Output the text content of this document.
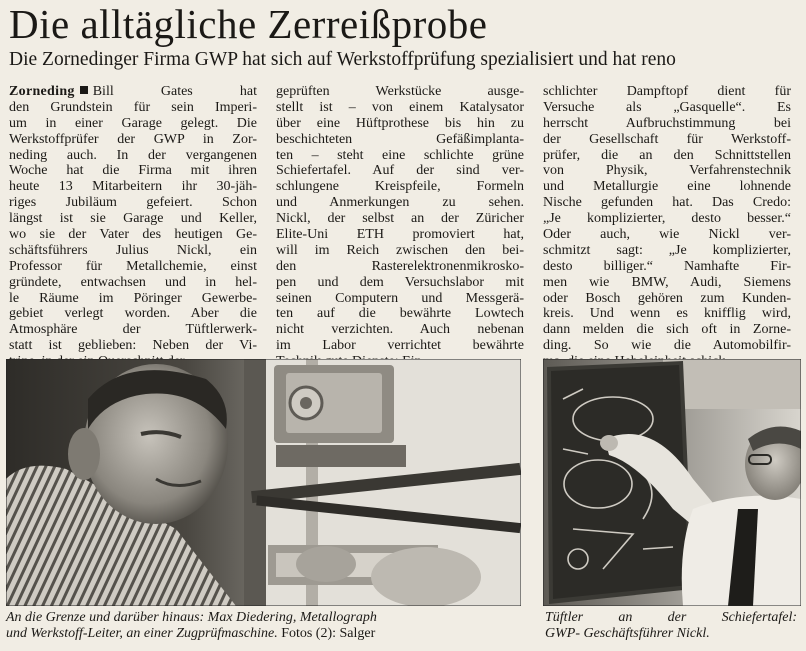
Die alltägliche Zerreißprobe

Die Zornedinger Firma GWP hat sich auf Werkstoffprüfung spezialisiert und hat reno

Zorneding Bill Gates hat
den Grundstein für sein Imperi-
um in einer Garage gelegt. Die
Werkstoffprüfer der GWP in Zor-
neding auch. In der vergangenen
Woche hat die Firma mit ihren
heute 13 Mitarbeitern ihr 30-jäh-
riges Jubiläum gefeiert. Schon
längst ist sie Garage und Keller,
wo sie der Vater des heutigen Ge-
schäftsführers Julius Nickl, ein
Professor für Metallchemie, einst
gründete, entwachsen und in hel-
le Räume im Pöringer Gewerbe-
gebiet verlegt worden. Aber die
Atmosphäre der Tüftlerwerk-
statt ist geblieben: Neben der Vi-
geprüften Werkstücke ausge-
stellt ist – von einem Katalysator
über eine Hüftprothese bis hin zu
beschichteten Gefäßimplanta-
ten – steht eine schlichte grüne
Schiefertafel. Auf der sind ver-
schlungene Kreispfeile, Formeln
und Anmerkungen zu sehen.
Nickl, der selbst an der Züricher
Elite-Uni ETH promoviert hat,
will im Reich zwischen den bei-
den Rasterelektronenmikrosko-
pen und dem Versuchslabor mit
seinen Computern und Messgerä-
ten auf die bewährte Lowtech
nicht verzichten. Auch nebenan
im Labor verrichtet bewährte
schlichter Dampftopf dient für
Versuche als „Gasquelle“. Es
herrscht Aufbruchstimmung bei
der Gesellschaft für Werkstoff-
prüfer, die an den Schnittstellen
von Physik, Verfahrenstechnik
und Metallurgie eine lohnende
Nische gefunden hat. Das Credo:
„Je komplizierter, desto besser.“
Oder auch, wie Nickl ver-
schmitzt sagt: „Je komplizierter,
desto billiger.“ Namhafte Fir-
men wie BMW, Audi, Siemens
oder Bosch gehören zum Kunden-
kreis. Und wenn es knifflig wird,
dann melden die sich oft in Zorne-
ding. So wie die Automobilfir-

An die Grenze und darüber hinaus: Max Diedering, Metallograph
und Werkstoff-Leiter, an einer Zugprüfmaschine. Fotos (2): Salger

Tüftler an der Schiefertafel:
GWP- Geschäftsführer Nickl.
